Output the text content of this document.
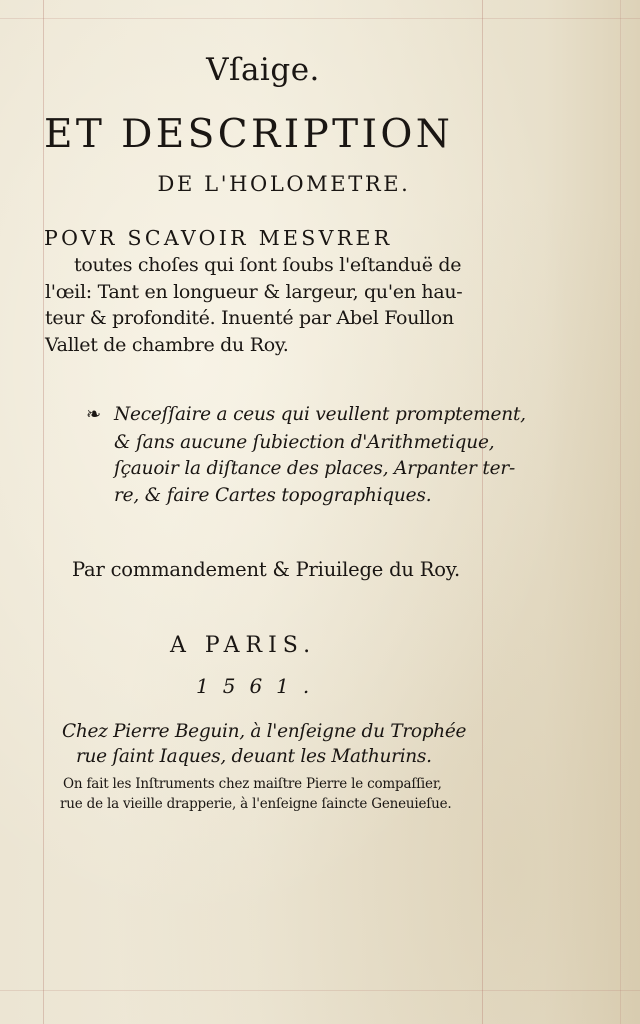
Vſaige.
ET DESCRIPTION
DE L'HOLOMETRE.
POVR SCAVOIR MESVRER
toutes choſes qui ſont ſoubs l'eſtanduë de
l'œil: Tant en longueur & largeur, qu'en hau-
teur & profondité. Inuenté par Abel Foullon
Vallet de chambre du Roy.
❧ Neceſſaire a ceus qui veullent promptement,
& ſans aucune ſubiection d'Arithmetique,
ſçauoir la diſtance des places, Arpanter ter-
re, & faire Cartes topographiques.
Par commandement & Priuilege du Roy.
A PARIS.
1561.
Chez Pierre Beguin, à l'enſeigne du Trophée
rue ſaint Iaques, deuant les Mathurins.
On fait les Inſtruments chez maiſtre Pierre le compaſſier,
rue de la vieille drapperie, à l'enſeigne ſaincte Geneuieſue.
